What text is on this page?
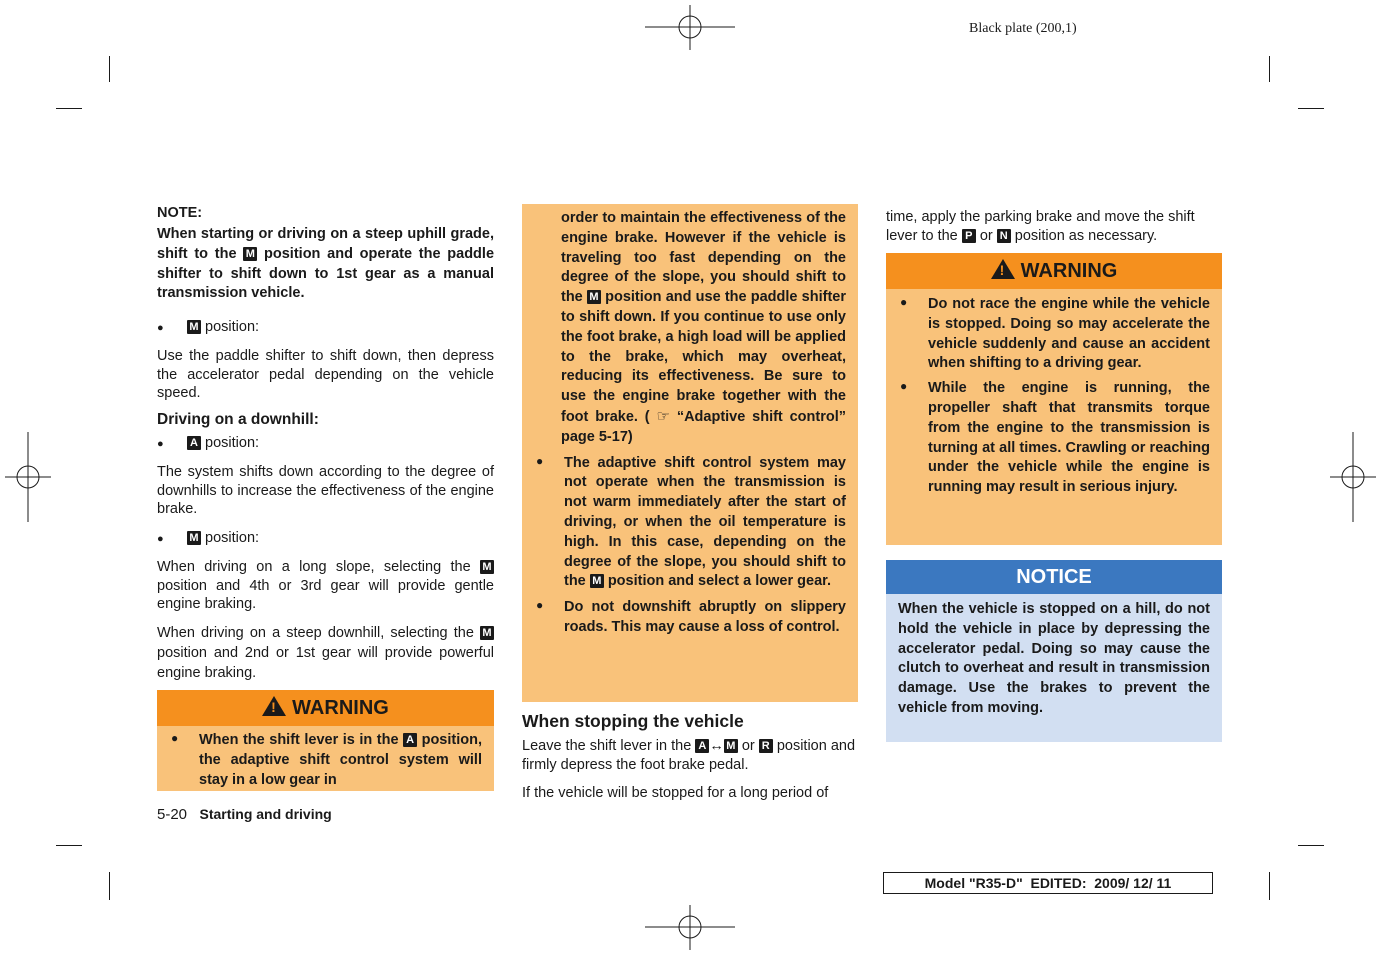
Black plate (200,1)
NOTE:
When starting or driving on a steep uphill grade, shift to the M position and operate the paddle shifter to shift down to 1st gear as a manual transmission vehicle.
● M position:

Use the paddle shifter to shift down, then depress the accelerator pedal depending on the vehicle speed.

Driving on a downhill:
● A position:

The system shifts down according to the degree of downhills to increase the effectiveness of the engine brake.

● M position:

When driving on a long slope, selecting the M position and 4th or 3rd gear will provide gentle engine braking.

When driving on a steep downhill, selecting the M position and 2nd or 1st gear will provide powerful engine braking.

!WARNING
●	When the shift lever is in the A position, the adaptive shift control system will stay in a low gear in
5-20 Starting and driving
order to maintain the effectiveness of the engine brake. However if the vehicle is traveling too fast depending on the degree of the slope, you should shift to the M position and use the paddle shifter to shift down. If you continue to use only the foot brake, a high load will be applied to the brake, which may overheat, reducing its effectiveness. Be sure to use the engine brake together with the foot brake. ( ☞ “Adaptive shift control” page 5-17)
●	The adaptive shift control system may not operate when the transmission is not warm immediately after the start of driving, or when the oil temperature is high. In this case, depending on the degree of the slope, you should shift to the M position and select a lower gear.
●	Do not downshift abruptly on slippery roads. This may cause a loss of control.
When stopping the vehicle

Leave the shift lever in the A ↔ M or R position and firmly depress the foot brake pedal.

If the vehicle will be stopped for a long period of

time, apply the parking brake and move the shift lever to the P or N position as necessary.

!WARNING
●	Do not race the engine while the vehicle is stopped. Doing so may accelerate the vehicle suddenly and cause an accident when shifting to a driving gear.
●	While the engine is running, the propeller shaft that transmits torque from the engine to the transmission is turning at all times. Crawling or reaching under the vehicle while the engine is running may result in serious injury.
NOTICE
When the vehicle is stopped on a hill, do not hold the vehicle in place by depressing the accelerator pedal. Doing so may cause the clutch to overheat and result in transmission damage. Use the brakes to prevent the vehicle from moving.
Model "R35-D"  EDITED:  2009/ 12/ 11
